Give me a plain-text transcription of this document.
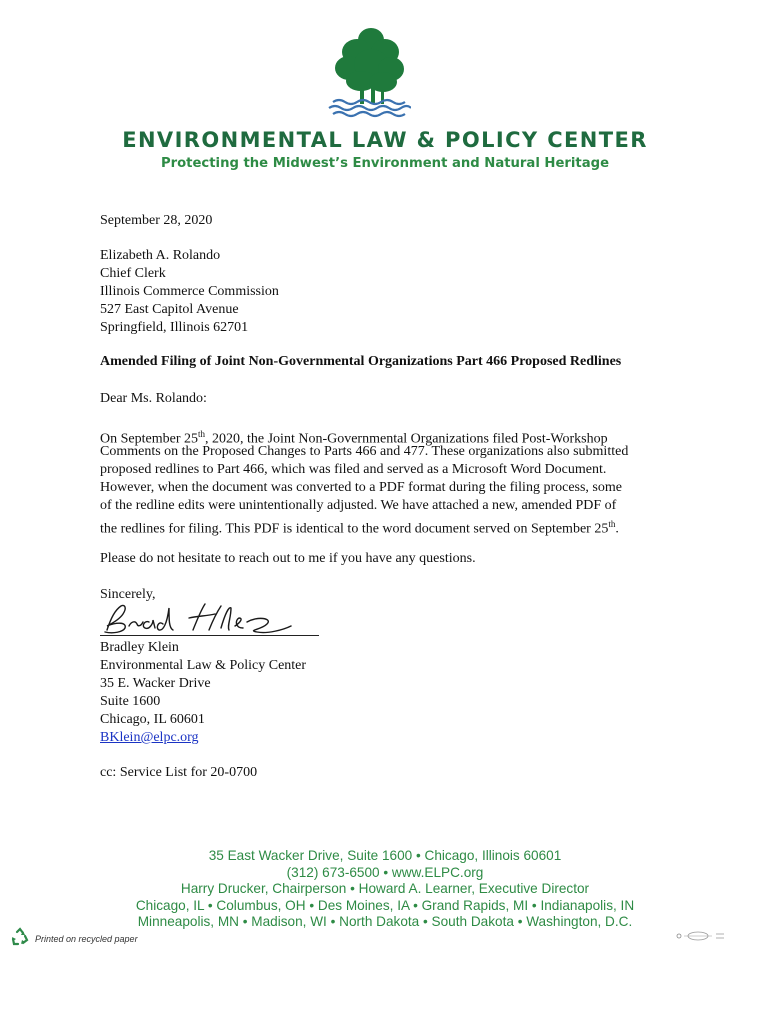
ENVIRONMENTAL LAW & POLICY CENTER
Protecting the Midwest’s Environment and Natural Heritage
September 28, 2020
Elizabeth A. Rolando
Chief Clerk
Illinois Commerce Commission
527 East Capitol Avenue
Springfield, Illinois 62701
Amended Filing of Joint Non-Governmental Organizations Part 466 Proposed Redlines
Dear Ms. Rolando:
On September 25th, 2020, the Joint Non-Governmental Organizations filed Post-Workshop
Comments on the Proposed Changes to Parts 466 and 477. These organizations also submitted
proposed redlines to Part 466, which was filed and served as a Microsoft Word Document.
However, when the document was converted to a PDF format during the filing process, some
of the redline edits were unintentionally adjusted. We have attached a new, amended PDF of
the redlines for filing. This PDF is identical to the word document served on September 25th.
Please do not hesitate to reach out to me if you have any questions.
Sincerely,
Bradley Klein
Environmental Law & Policy Center
35 E. Wacker Drive
Suite 1600
Chicago, IL 60601
BKlein@elpc.org
cc: Service List for 20-0700
35 East Wacker Drive, Suite 1600 • Chicago, Illinois 60601
(312) 673-6500 • www.ELPC.org
Harry Drucker, Chairperson • Howard A. Learner, Executive Director
Chicago, IL • Columbus, OH • Des Moines, IA • Grand Rapids, MI • Indianapolis, IN
Minneapolis, MN • Madison, WI • North Dakota • South Dakota • Washington, D.C.
Printed on recycled paper
